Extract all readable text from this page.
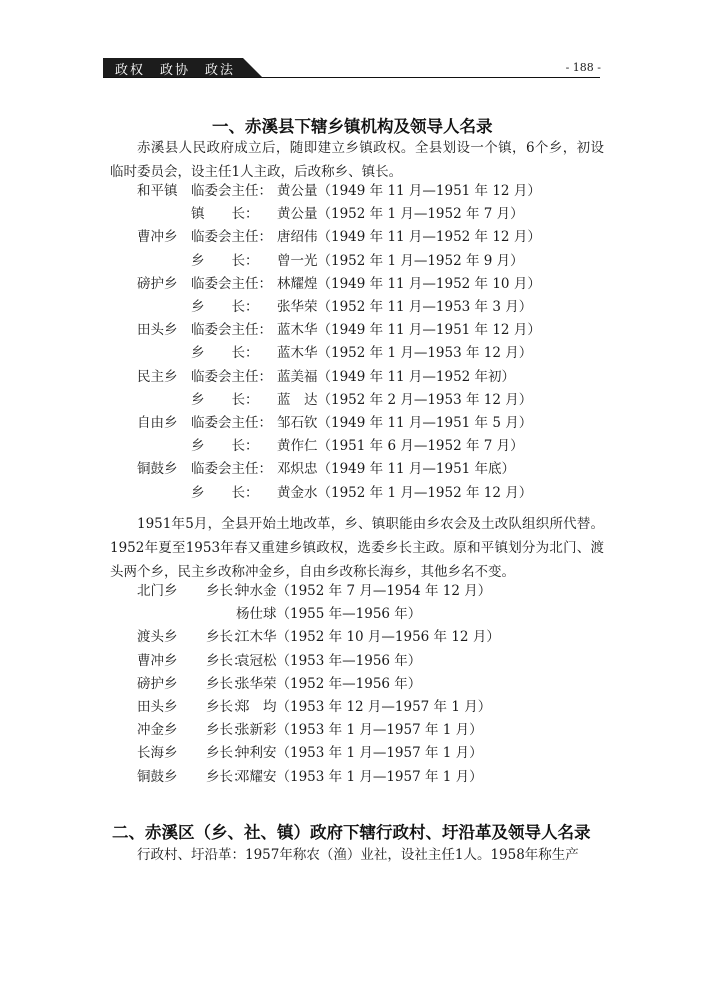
政权　政协　政法	- 188 -
一、赤溪县下辖乡镇机构及领导人名录

赤溪县人民政府成立后，随即建立乡镇政权。全县划设一个镇，6个乡，初设临时委员会，设主任1人主政，后改称乡、镇长。

和平镇 临委会主任： 黄公量（1949 年 11 月—1951 年 12 月）
镇　　长： 黄公量（1952 年 1 月—1952 年 7 月）
曹冲乡 临委会主任： 唐绍伟（1949 年 11 月—1952 年 12 月）
乡　　长： 曾一光（1952 年 1 月—1952 年 9 月）
磅护乡 临委会主任： 林耀煌（1949 年 11 月—1952 年 10 月）
乡　　长： 张华荣（1952 年 11 月—1953 年 3 月）
田头乡 临委会主任： 蓝木华（1949 年 11 月—1951 年 12 月）
乡　　长： 蓝木华（1952 年 1 月—1953 年 12 月）
民主乡 临委会主任： 蓝美福（1949 年 11 月—1952 年初）
乡　　长： 蓝　达（1952 年 2 月—1953 年 12 月）
自由乡 临委会主任： 邹石钦（1949 年 11 月—1951 年 5 月）
乡　　长： 黄作仁（1951 年 6 月—1952 年 7 月）
铜鼓乡 临委会主任： 邓炽忠（1949 年 11 月—1951 年底）
乡　　长： 黄金水（1952 年 1 月—1952 年 12 月）

1951年5月，全县开始土地改革，乡、镇职能由乡农会及土改队组织所代替。1952年夏至1953年春又重建乡镇政权，选委乡长主政。原和平镇划分为北门、渡头两个乡，民主乡改称冲金乡，自由乡改称长海乡，其他乡名不变。

北门乡 乡长：
钟水金（1952 年 7 月—1954 年 12 月）
杨仕球（1955 年—1956 年）
渡头乡 乡长：
江木华（1952 年 10 月—1956 年 12 月）
曹冲乡 乡长：
袁冠松（1953 年—1956 年）
磅护乡 乡长：
张华荣（1952 年—1956 年）
田头乡 乡长：
郑　均（1953 年 12 月—1957 年 1 月）
冲金乡 乡长：
张新彩（1953 年 1 月—1957 年 1 月）
长海乡 乡长：
钟利安（1953 年 1 月—1957 年 1 月）
铜鼓乡 乡长：
邓耀安（1953 年 1 月—1957 年 1 月）
二、赤溪区（乡、社、镇）政府下辖行政村、圩沿革及领导人名录

行政村、圩沿革：1957年称农（渔）业社，设社主任1人。1958年称生产
